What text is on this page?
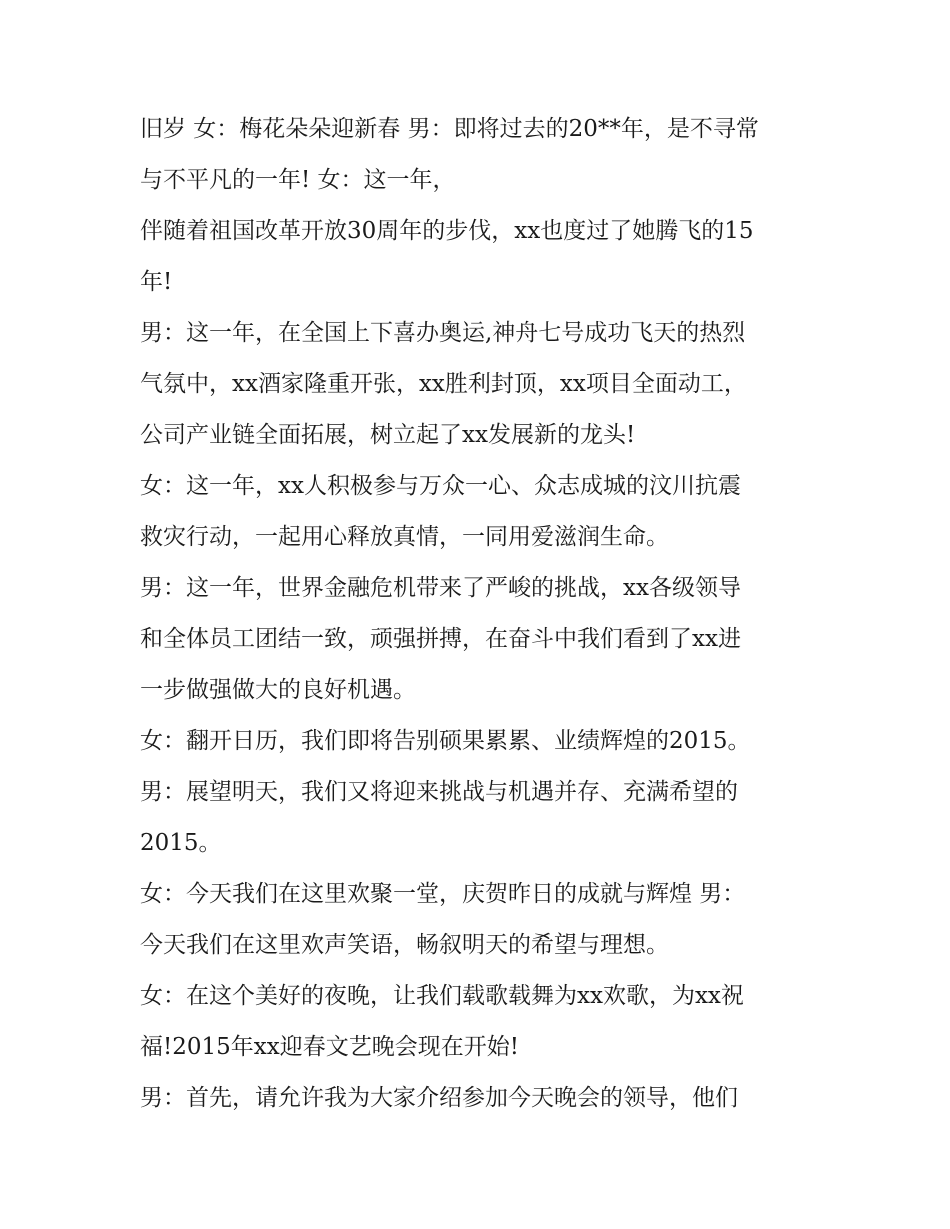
旧岁 女：梅花朵朵迎新春 男：即将过去的20**年，是不寻常
与不平凡的一年! 女：这一年，
伴随着祖国改革开放30周年的步伐，xx也度过了她腾飞的15
年!
男：这一年，在全国上下喜办奥运,神舟七号成功飞天的热烈
气氛中，xx酒家隆重开张，xx胜利封顶，xx项目全面动工，
公司产业链全面拓展，树立起了xx发展新的龙头!
女：这一年，xx人积极参与万众一心、众志成城的汶川抗震
救灾行动，一起用心释放真情，一同用爱滋润生命。
男：这一年，世界金融危机带来了严峻的挑战，xx各级领导
和全体员工团结一致，顽强拼搏，在奋斗中我们看到了xx进
一步做强做大的良好机遇。
女：翻开日历，我们即将告别硕果累累、业绩辉煌的2015。
男：展望明天，我们又将迎来挑战与机遇并存、充满希望的
2015。
女：今天我们在这里欢聚一堂，庆贺昨日的成就与辉煌 男：
今天我们在这里欢声笑语，畅叙明天的希望与理想。
女：在这个美好的夜晚，让我们载歌载舞为xx欢歌，为xx祝
福!2015年xx迎春文艺晚会现在开始!
男：首先，请允许我为大家介绍参加今天晚会的领导，他们
